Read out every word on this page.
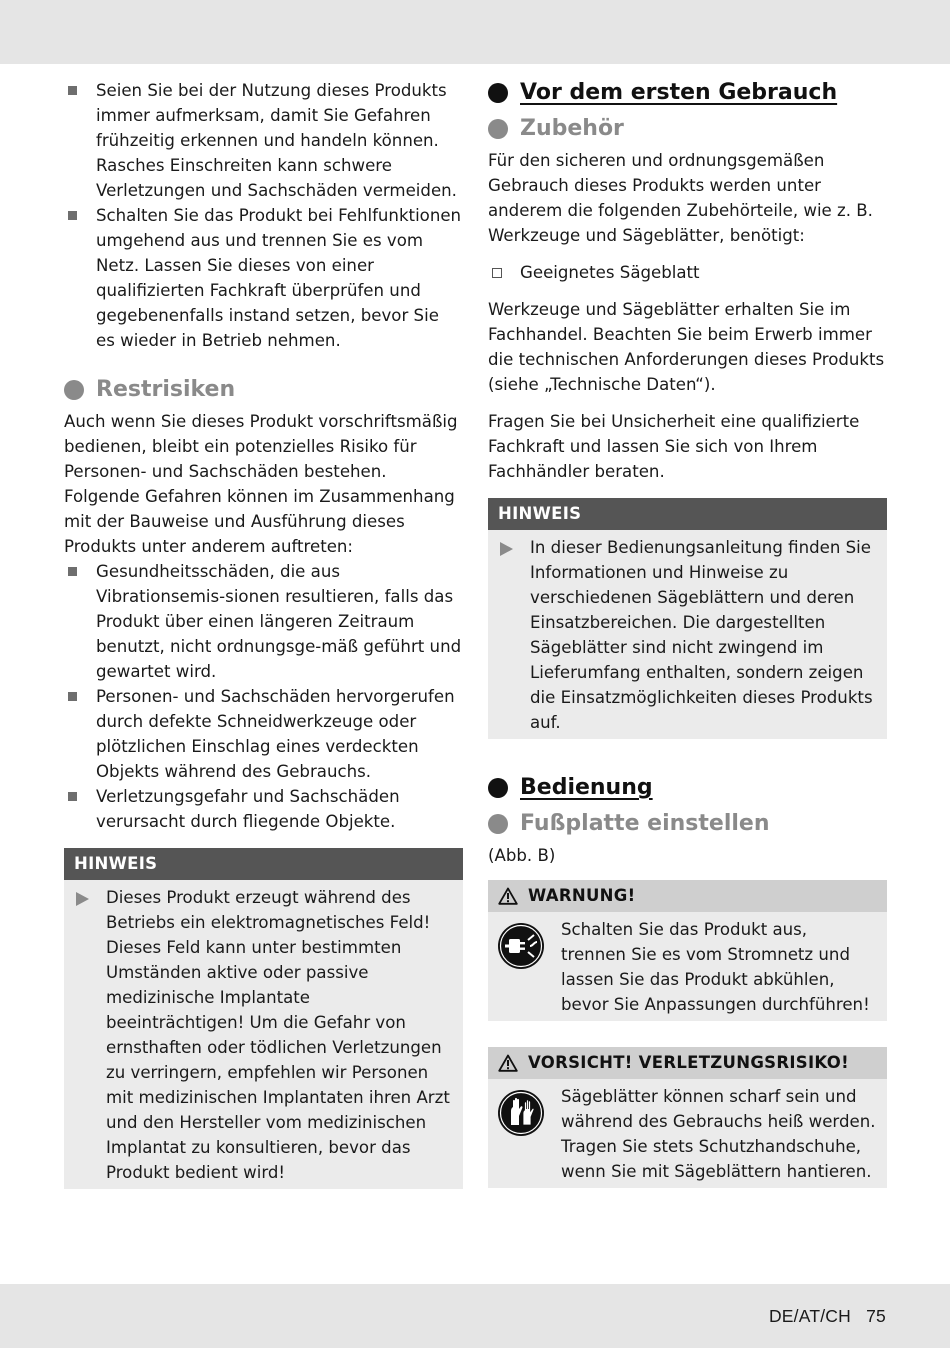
Seien Sie bei der Nutzung dieses Produkts immer aufmerksam, damit Sie Gefahren frühzeitig erkennen und handeln können. Rasches Einschreiten kann schwere Verletzungen und Sachschäden vermeiden.
Schalten Sie das Produkt bei Fehlfunktionen umgehend aus und trennen Sie es vom Netz. Lassen Sie dieses von einer qualifizierten Fachkraft überprüfen und gegebenenfalls instand setzen, bevor Sie es wieder in Betrieb nehmen.
Restrisiken

Auch wenn Sie dieses Produkt vorschriftsmäßig bedienen, bleibt ein potenzielles Risiko für Personen- und Sachschäden bestehen. Folgende Gefahren können im Zusammenhang mit der Bauweise und Ausführung dieses Produkts unter anderem auftreten:

Gesundheitsschäden, die aus Vibrationsemis-sionen resultieren, falls das Produkt über einen längeren Zeitraum benutzt, nicht ordnungsge-mäß geführt und gewartet wird.
Personen- und Sachschäden hervorgerufen durch defekte Schneidwerkzeuge oder plötzlichen Einschlag eines verdeckten Objekts während des Gebrauchs.
Verletzungsgefahr und Sachschäden verursacht durch fliegende Objekte.
HINWEIS

Dieses Produkt erzeugt während des Betriebs ein elektromagnetisches Feld! Dieses Feld kann unter bestimmten Umständen aktive oder passive medizinische Implantate beeinträchtigen! Um die Gefahr von ernsthaften oder tödlichen Verletzungen zu verringern, empfehlen wir Personen mit medizinischen Implantaten ihren Arzt und den Hersteller vom medizinischen Implantat zu konsultieren, bevor das Produkt bedient wird!

Vor dem ersten Gebrauch
Zubehör

Für den sicheren und ordnungsgemäßen Gebrauch dieses Produkts werden unter anderem die folgenden Zubehörteile, wie z. B. Werkzeuge und Sägeblätter, benötigt:

Geeignetes Sägeblatt

Werkzeuge und Sägeblätter erhalten Sie im Fachhandel. Beachten Sie beim Erwerb immer die technischen Anforderungen dieses Produkts (siehe „Technische Daten“).

Fragen Sie bei Unsicherheit eine qualifizierte Fachkraft und lassen Sie sich von Ihrem Fachhändler beraten.

HINWEIS

In dieser Bedienungsanleitung finden Sie Informationen und Hinweise zu verschiedenen Sägeblättern und deren Einsatzbereichen. Die dargestellten Sägeblätter sind nicht zwingend im Lieferumfang enthalten, sondern zeigen die Einsatzmöglichkeiten dieses Produkts auf.

Bedienung
Fußplatte einstellen

(Abb. B)

WARNUNG!

Schalten Sie das Produkt aus, trennen Sie es vom Stromnetz und lassen Sie das Produkt abkühlen, bevor Sie Anpassungen durchführen!

VORSICHT! VERLETZUNGSRISIKO!

Sägeblätter können scharf sein und während des Gebrauchs heiß werden. Tragen Sie stets Schutzhandschuhe, wenn Sie mit Sägeblättern hantieren.

DE/AT/CH   75
